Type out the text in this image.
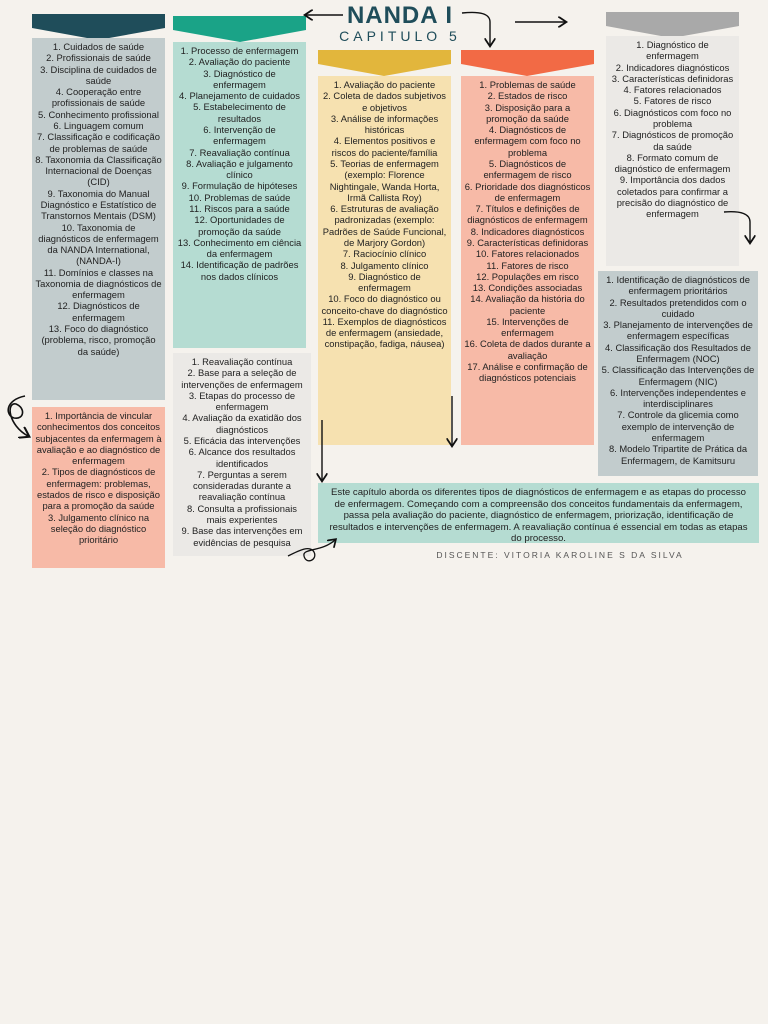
NANDA I
CAPITULO 5
1. Cuidados de saúde
2. Profissionais de saúde
3. Disciplina de cuidados de saúde
4. Cooperação entre profissionais de saúde
5. Conhecimento profissional
6. Linguagem comum
7. Classificação e codificação de problemas de saúde
8. Taxonomia da Classificação Internacional de Doenças (CID)
9. Taxonomia do Manual Diagnóstico e Estatístico de Transtornos Mentais (DSM)
10. Taxonomia de diagnósticos de enfermagem da NANDA International, (NANDA-I)
11. Domínios e classes na Taxonomia de diagnósticos de enfermagem
12. Diagnósticos de enfermagem
13. Foco do diagnóstico (problema, risco, promoção da saúde)
1. Importância de vincular conhecimentos dos conceitos subjacentes da enfermagem à avaliação e ao diagnóstico de enfermagem
2. Tipos de diagnósticos de enfermagem: problemas, estados de risco e disposição para a promoção da saúde
3. Julgamento clínico na seleção do diagnóstico prioritário
1. Processo de enfermagem
2. Avaliação do paciente
3. Diagnóstico de enfermagem
4. Planejamento de cuidados
5. Estabelecimento de resultados
6. Intervenção de enfermagem
7. Reavaliação contínua
8. Avaliação e julgamento clínico
9. Formulação de hipóteses
10. Problemas de saúde
11. Riscos para a saúde
12. Oportunidades de promoção da saúde
13. Conhecimento em ciência da enfermagem
14. Identificação de padrões nos dados clínicos
1. Reavaliação contínua
2. Base para a seleção de intervenções de enfermagem
3. Etapas do processo de enfermagem
4. Avaliação da exatidão dos diagnósticos
5. Eficácia das intervenções
6. Alcance dos resultados identificados
7. Perguntas a serem consideradas durante a reavaliação contínua
8. Consulta a profissionais mais experientes
9. Base das intervenções em evidências de pesquisa
1. Avaliação do paciente
2. Coleta de dados subjetivos e objetivos
3. Análise de informações históricas
4. Elementos positivos e riscos do paciente/família
5. Teorias de enfermagem (exemplo: Florence Nightingale, Wanda Horta, Irmã Callista Roy)
6. Estruturas de avaliação padronizadas (exemplo: Padrões de Saúde Funcional, de Marjory Gordon)
7. Raciocínio clínico
8. Julgamento clínico
9. Diagnóstico de enfermagem
10. Foco do diagnóstico ou conceito-chave do diagnóstico
11. Exemplos de diagnósticos de enfermagem (ansiedade, constipação, fadiga, náusea)
1. Problemas de saúde
2. Estados de risco
3. Disposição para a promoção da saúde
4. Diagnósticos de enfermagem com foco no problema
5. Diagnósticos de enfermagem de risco
6. Prioridade dos diagnósticos de enfermagem
7. Títulos e definições de diagnósticos de enfermagem
8. Indicadores diagnósticos
9. Características definidoras
10. Fatores relacionados
11. Fatores de risco
12. Populações em risco
13. Condições associadas
14. Avaliação da história do paciente
15. Intervenções de enfermagem
16. Coleta de dados durante a avaliação
17. Análise e confirmação de diagnósticos potenciais
1. Diagnóstico de enfermagem
2. Indicadores diagnósticos
3. Características definidoras
4. Fatores relacionados
5. Fatores de risco
6. Diagnósticos com foco no problema
7. Diagnósticos de promoção da saúde
8. Formato comum de diagnóstico de enfermagem
9. Importância dos dados coletados para confirmar a precisão do diagnóstico de enfermagem
1. Identificação de diagnósticos de enfermagem prioritários
2. Resultados pretendidos com o cuidado
3. Planejamento de intervenções de enfermagem específicas
4. Classificação dos Resultados de Enfermagem (NOC)
5. Classificação das Intervenções de Enfermagem (NIC)
6. Intervenções independentes e interdisciplinares
7. Controle da glicemia como exemplo de intervenção de enfermagem
8. Modelo Tripartite de Prática da Enfermagem, de Kamitsuru
Este capítulo aborda os diferentes tipos de diagnósticos de enfermagem e as etapas do processo de enfermagem. Começando com a compreensão dos conceitos fundamentais da enfermagem, passa pela avaliação do paciente, diagnóstico de enfermagem, priorização, identificação de resultados e intervenções de enfermagem. A reavaliação contínua é essencial em todas as etapas do processo.
DISCENTE: VITORIA KAROLINE S DA SILVA
